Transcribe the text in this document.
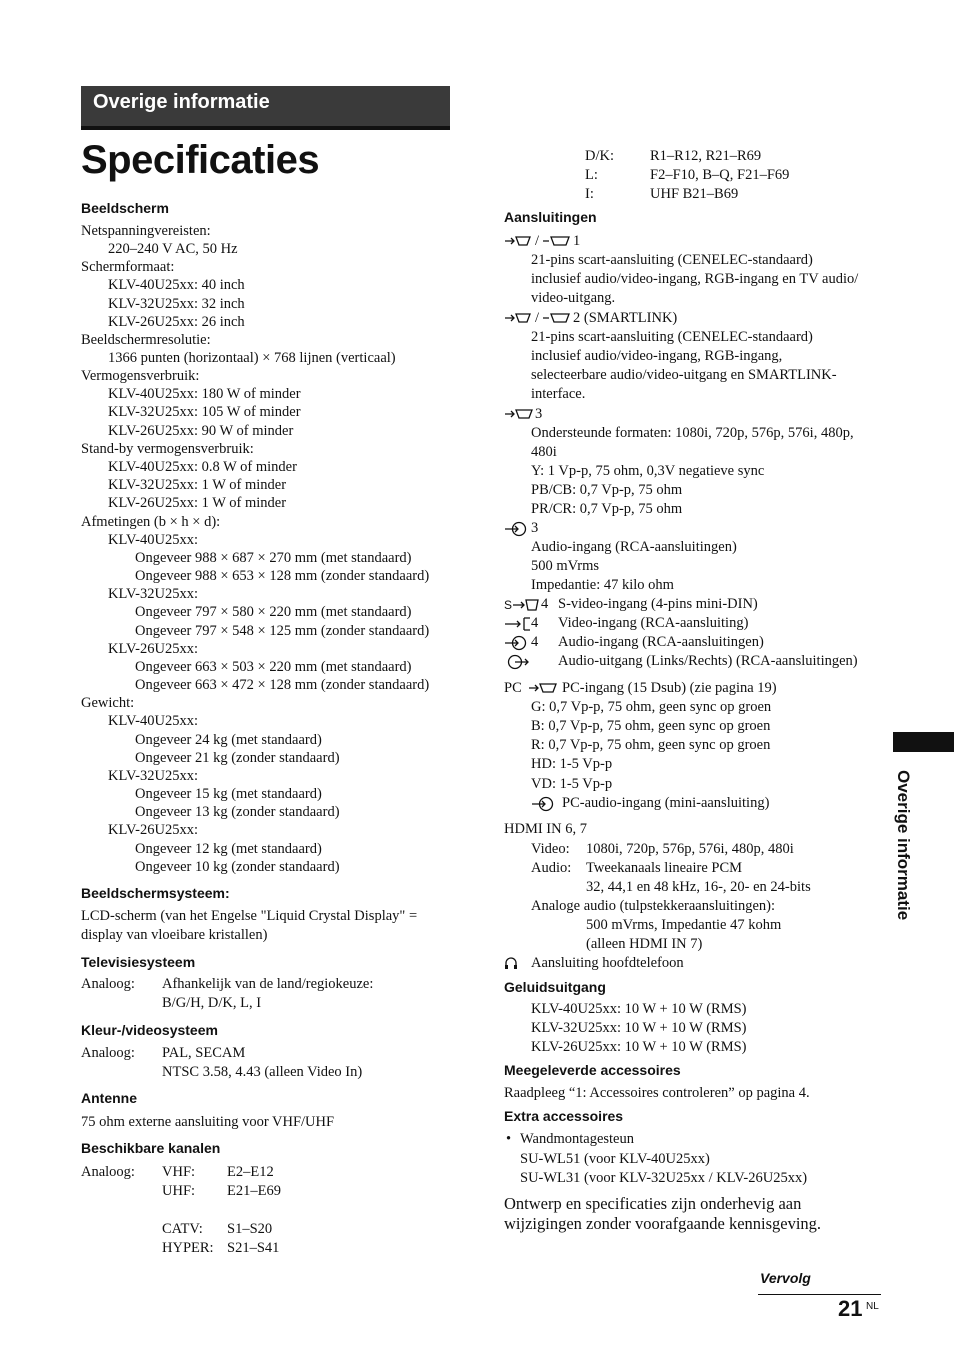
Overige informatie
Specificaties
Beeldscherm
Netspanningvereisten:
220–240 V AC, 50 Hz
Schermformaat:
KLV-40U25xx: 40 inch
KLV-32U25xx: 32 inch
KLV-26U25xx: 26 inch
Beeldschermresolutie:
1366 punten (horizontaal) × 768 lijnen (verticaal)
Vermogensverbruik:
KLV-40U25xx: 180 W of minder
KLV-32U25xx: 105 W of minder
KLV-26U25xx: 90 W of minder
Stand-by vermogensverbruik:
KLV-40U25xx: 0.8 W of minder
KLV-32U25xx: 1 W of minder
KLV-26U25xx: 1 W of minder
Afmetingen (b × h × d):
KLV-40U25xx:
Ongeveer 988 × 687 × 270 mm (met standaard)
Ongeveer 988 × 653 × 128 mm (zonder standaard)
KLV-32U25xx:
Ongeveer 797 × 580 × 220 mm (met standaard)
Ongeveer 797 × 548 × 125 mm (zonder standaard)
KLV-26U25xx:
Ongeveer 663 × 503 × 220 mm (met standaard)
Ongeveer 663 × 472 × 128 mm (zonder standaard)
Gewicht:
KLV-40U25xx:
Ongeveer 24 kg (met standaard)
Ongeveer 21 kg (zonder standaard)
KLV-32U25xx:
Ongeveer 15 kg (met standaard)
Ongeveer 13 kg (zonder standaard)
KLV-26U25xx:
Ongeveer 12 kg (met standaard)
Ongeveer 10 kg (zonder standaard)
Beeldschermsysteem:
LCD-scherm (van het Engelse "Liquid Crystal Display" =
display van vloeibare kristallen)
Televisiesysteem
Analoog: Afhankelijk van de land/regiokeuze:
B/G/H, D/K, L, I
Kleur-/videosysteem
Analoog: PAL, SECAM
NTSC 3.58, 4.43 (alleen Video In)
Antenne
75 ohm externe aansluiting voor VHF/UHF
Beschikbare kanalen
Analoog: VHF: E2–E12
UHF: E21–E69
CATV: S1–S20
HYPER: S21–S41
D/K: R1–R12, R21–R69
L:	F2–F10, B–Q, F21–F69
I:	UHF B21–B69
Aansluitingen
/ 1
21-pins scart-aansluiting (CENELEC-standaard)
inclusief audio/video-ingang, RGB-ingang en TV audio/
video-uitgang.
/ 2 (SMARTLINK)
21-pins scart-aansluiting (CENELEC-standaard)
inclusief audio/video-ingang, RGB-ingang,
selecteerbare audio/video-uitgang en SMARTLINK-
interface.
3
Ondersteunde formaten: 1080i, 720p, 576p, 576i, 480p,
480i
Y: 1 Vp-p, 75 ohm, 0,3V negatieve sync
PB/CB: 0,7 Vp-p, 75 ohm
PR/CR: 0,7 Vp-p, 75 ohm
3
Audio-ingang (RCA-aansluitingen)
500 mVrms
Impedantie: 47 kilo ohm
S 4 S-video-ingang (4-pins mini-DIN)
4 Video-ingang (RCA-aansluiting)
4 Audio-ingang (RCA-aansluitingen)
Audio-uitgang (Links/Rechts) (RCA-aansluitingen)
PC	PC-ingang (15 Dsub) (zie pagina 19)
G: 0,7 Vp-p, 75 ohm, geen sync op groen
B: 0,7 Vp-p, 75 ohm, geen sync op groen
R: 0,7 Vp-p, 75 ohm, geen sync op groen
HD: 1-5 Vp-p
VD: 1-5 Vp-p
PC-audio-ingang (mini-aansluiting)
HDMI IN 6, 7
Video: 1080i, 720p, 576p, 576i, 480p, 480i
Audio: Tweekanaals lineaire PCM
32, 44,1 en 48 kHz, 16-, 20- en 24-bits
Analoge audio (tulpstekkeraansluitingen):
500 mVrms, Impedantie 47 kohm
(alleen HDMI IN 7)
Aansluiting hoofdtelefoon
Geluidsuitgang
KLV-40U25xx: 10 W + 10 W (RMS)
KLV-32U25xx: 10 W + 10 W (RMS)
KLV-26U25xx: 10 W + 10 W (RMS)
Meegeleverde accessoires
Raadpleeg “1: Accessoires controleren” op pagina 4.
Extra accessoires
• Wandmontagesteun
SU-WL51 (voor KLV-40U25xx)
SU-WL31 (voor KLV-32U25xx / KLV-26U25xx)
Ontwerp en specificaties zijn onderhevig aan
wijzigingen zonder voorafgaande kennisgeving.
Overige informatie
Vervolg
21 NL
